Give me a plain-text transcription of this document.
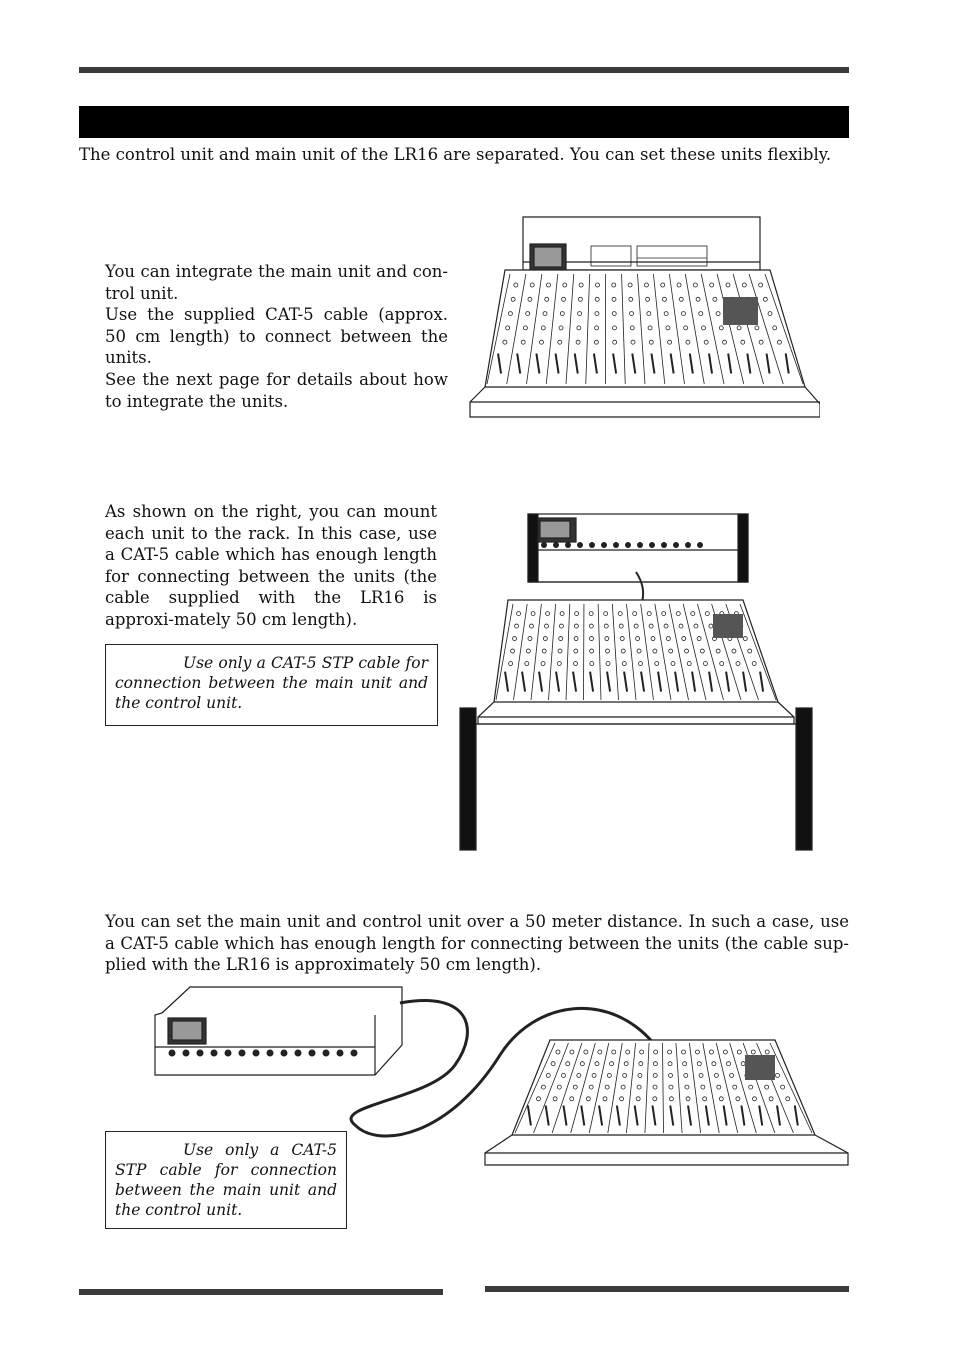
The control unit and main unit of the LR16 are separated. You can set these units flexibly.
You can integrate the main unit and con-trol unit.
Use the supplied CAT-5 cable (approx. 50 cm length) to connect between the units.
See the next page for details about how to integrate the units.
As shown on the right, you can mount each unit to the rack. In this case, use a CAT-5 cable which has enough length for connecting between the units (the cable supplied with the LR16 is approxi-mately 50 cm length).
Use only a CAT-5 STP cable for connection between the main unit and the control unit.
You can set the main unit and control unit over a 50 meter distance. In such a case, use a CAT-5 cable which has enough length for connecting between the units (the cable sup-plied with the LR16 is approximately 50 cm length).
Use only a CAT-5 STP cable for connection between the main unit and the control unit.
